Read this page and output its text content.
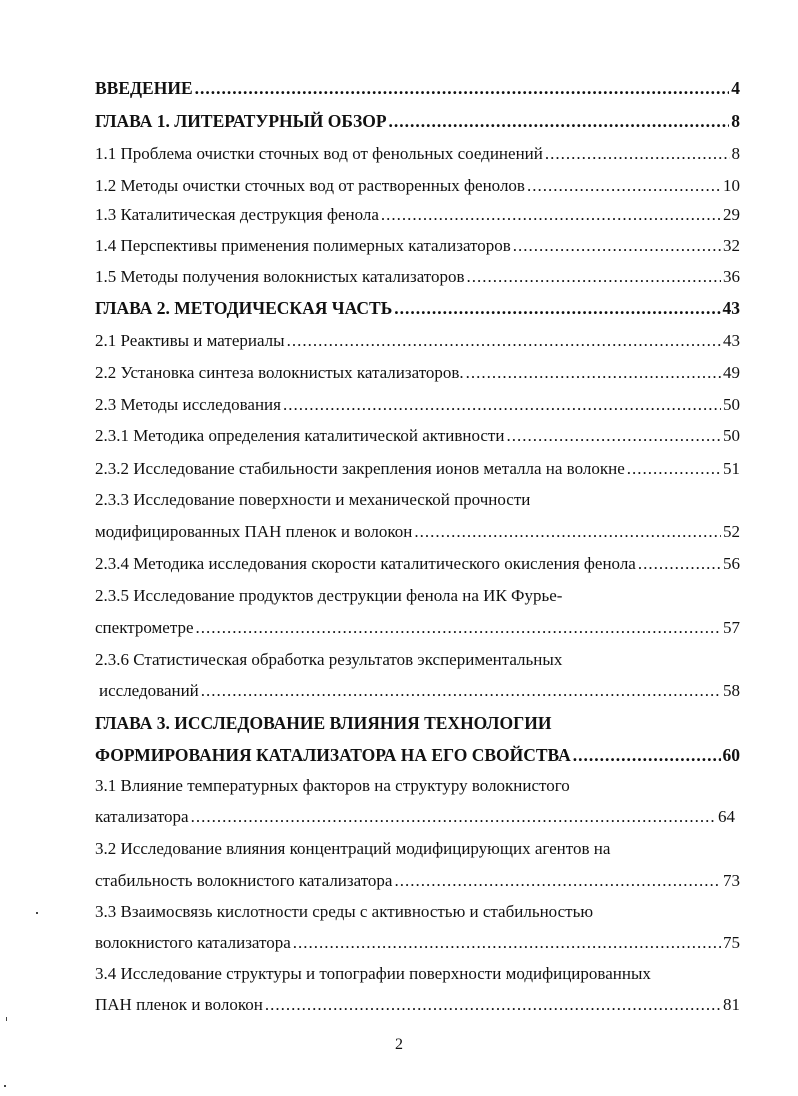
ВВЕДЕНИЕ .....	4
ГЛАВА 1. ЛИТЕРАТУРНЫЙ ОБЗОР .....	8
1.1 Проблема очистки сточных вод от фенольных соединений .....	8
1.2 Методы очистки сточных вод от растворенных фенолов .....	10
1.3 Каталитическая деструкция фенола .....	29
1.4 Перспективы применения полимерных катализаторов .....	32
1.5 Методы получения волокнистых катализаторов .....	36
ГЛАВА 2. МЕТОДИЧЕСКАЯ ЧАСТЬ .....	43
2.1 Реактивы и материалы .....	43
2.2 Установка синтеза волокнистых катализаторов. .....	49
2.3 Методы исследования .....	50
2.3.1 Методика определения каталитической активности .....	50
2.3.2 Исследование стабильности закрепления ионов металла на волокне .....	51
2.3.3 Исследование поверхности и механической прочности
модифицированных ПАН пленок и волокон .....	52
2.3.4 Методика исследования скорости каталитического окисления фенола .....	56
2.3.5 Исследование продуктов деструкции фенола на ИК Фурье-
спектрометре .....	57
2.3.6 Статистическая обработка результатов экспериментальных
исследований .....	58
ГЛАВА 3. ИССЛЕДОВАНИЕ ВЛИЯНИЯ ТЕХНОЛОГИИ
ФОРМИРОВАНИЯ КАТАЛИЗАТОРА НА ЕГО СВОЙСТВА .....	60
3.1 Влияние температурных факторов на структуру волокнистого
катализатора .....	64
3.2 Исследование влияния концентраций модифицирующих агентов на
стабильность волокнистого катализатора .....	73
3.3 Взаимосвязь кислотности среды с активностью и стабильностью
волокнистого катализатора .....	75
3.4 Исследование структуры и топографии поверхности модифицированных
ПАН пленок и волокон .....	81
2
